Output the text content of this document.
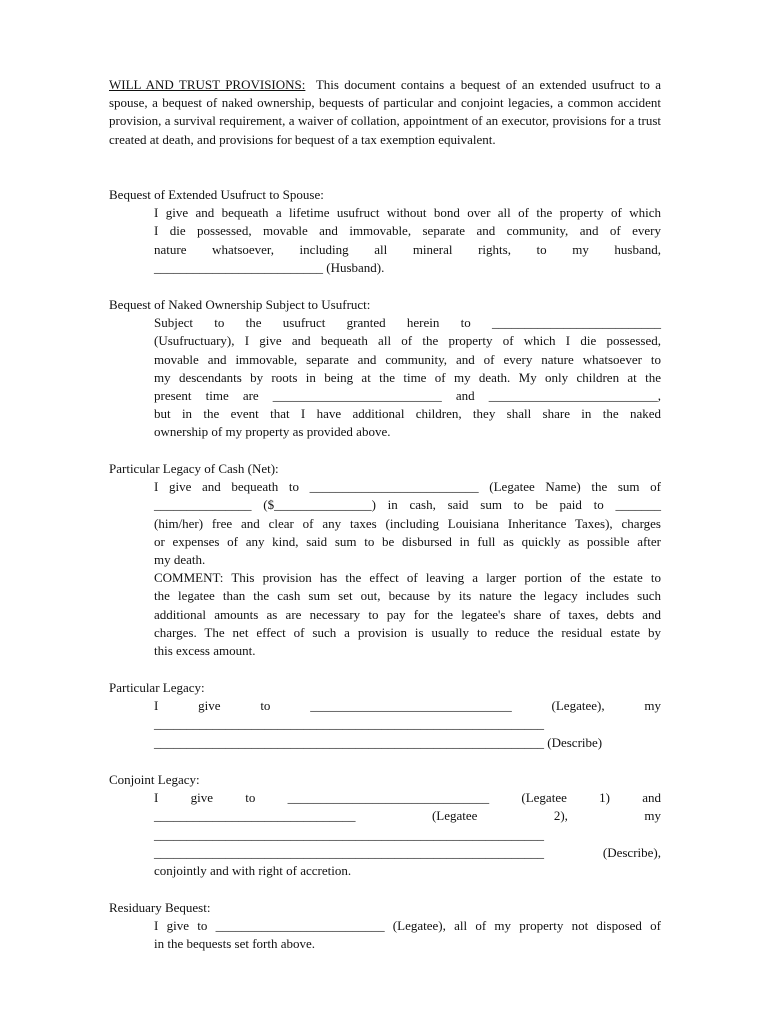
WILL AND TRUST PROVISIONS: This document contains a bequest of an extended usufruct to a spouse, a bequest of naked ownership, bequests of particular and conjoint legacies, a common accident provision, a survival requirement, a waiver of collation, appointment of an executor, provisions for a trust created at death, and provisions for bequest of a tax exemption equivalent.

Bequest of Extended Usufruct to Spouse:

I give and bequeath a lifetime usufruct without bond over all of the property of which

I die possessed, movable and immovable, separate and community, and of every

nature whatsoever, including all mineral rights, to my husband,

__________________________ (Husband).

Bequest of Naked Ownership Subject to Usufruct:

Subject to the usufruct granted herein to __________________________

(Usufructuary), I give and bequeath all of the property of which I die possessed,

movable and immovable, separate and community, and of every nature whatsoever to

my descendants by roots in being at the time of my death. My only children at the

present time are __________________________ and __________________________,

but in the event that I have additional children, they shall share in the naked

ownership of my property as provided above.

Particular Legacy of Cash (Net):

I give and bequeath to __________________________ (Legatee Name) the sum of

_______________ ($_______________) in cash, said sum to be paid to _______

(him/her) free and clear of any taxes (including Louisiana Inheritance Taxes), charges

or expenses of any kind, said sum to be disbursed in full as quickly as possible after

my death.

COMMENT: This provision has the effect of leaving a larger portion of the estate to

the legatee than the cash sum set out, because by its nature the legacy includes such

additional amounts as are necessary to pay for the legatee's share of taxes, debts and

charges. The net effect of such a provision is usually to reduce the residual estate by

this excess amount.

Particular Legacy:

I give to _______________________________ (Legatee), my

____________________________________________________________

____________________________________________________________ (Describe)

Conjoint Legacy:

I give to _______________________________ (Legatee 1) and

_______________________________ (Legatee 2), my

____________________________________________________________

____________________________________________________________ (Describe),

conjointly and with right of accretion.

Residuary Bequest:

I give to __________________________ (Legatee), all of my property not disposed of

in the bequests set forth above.
